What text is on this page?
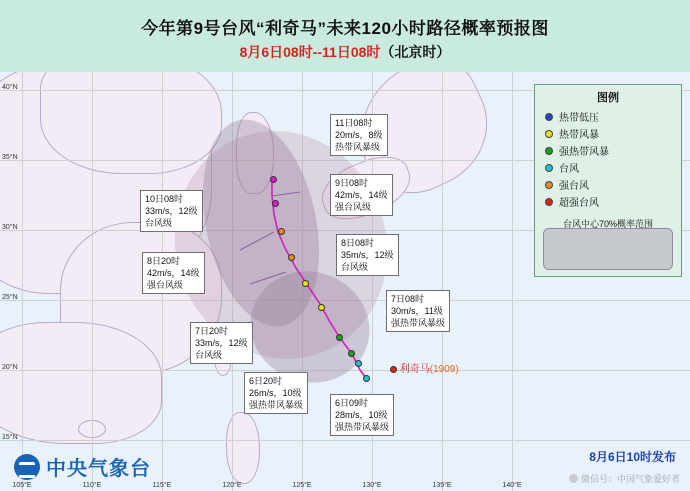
今年第9号台风“利奇马”未来120小时路径概率预报图
8月6日08时--11日08时（北京时）
105°E	110°E	115°E	120°E	125°E	130°E	135°E	140°E
40°N
35°N
30°N
25°N
20°N
15°N
利奇马(1909)
11日08时
20m/s，8级
热带风暴级
9日08时
42m/s，14级
强台风级
8日08时
35m/s，12级
台风级
10日08时
33m/s，12级
台风级
8日20时
42m/s，14级
强台风级
7日20时
33m/s，12级
台风级
7日08时
30m/s，11级
强热带风暴级
6日20时
26m/s，10级
强热带风暴级	6日09时
28m/s，10级
强热带风暴级
图例
热带低压
热带风暴
强热带风暴
台风
强台风
超强台风
台风中心70%概率范围
中央气象台
8月6日10时发布
微信号：中国气象爱好者
